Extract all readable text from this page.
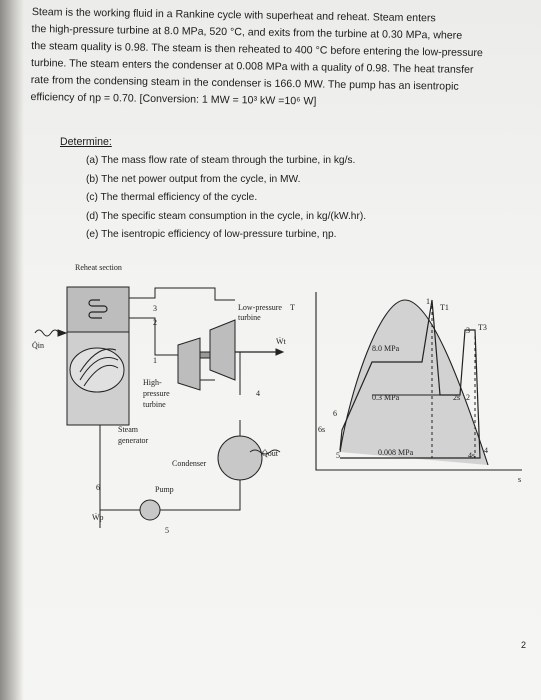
Steam is the working fluid in a Rankine cycle with superheat and reheat. Steam enters
the high-pressure turbine at 8.0 MPa, 520 °C, and exits from the turbine at 0.30 MPa, where
the steam quality is 0.98. The steam is then reheated to 400 °C before entering the low-pressure
turbine. The steam enters the condenser at 0.008 MPa with a quality of 0.98. The heat transfer
rate from the condensing steam in the condenser is 166.0 MW. The pump has an isentropic
efficiency of ηp = 0.70. [Conversion: 1 MW = 10³ kW =10⁶ W]
Determine:
(a) The mass flow rate of steam through the turbine, in kg/s.
(b) The net power output from the cycle, in MW.
(c) The thermal efficiency of the cycle.
(d) The specific steam consumption in the cycle, in kg/(kW.hr).
(e) The isentropic efficiency of low-pressure turbine, ηp.
Reheat section
Q̇in
High-
pressure
turbine
Low-pressure
turbine
T
Steam
generator
Condenser
Pump
Ẇt
Ẇp
Q̇out
1
2
3
4
5
6
8.0 MPa
0.3 MPa
0.008 MPa
T1
T3
1
2s 2
3
4s
4
5
6s
6
s
2
